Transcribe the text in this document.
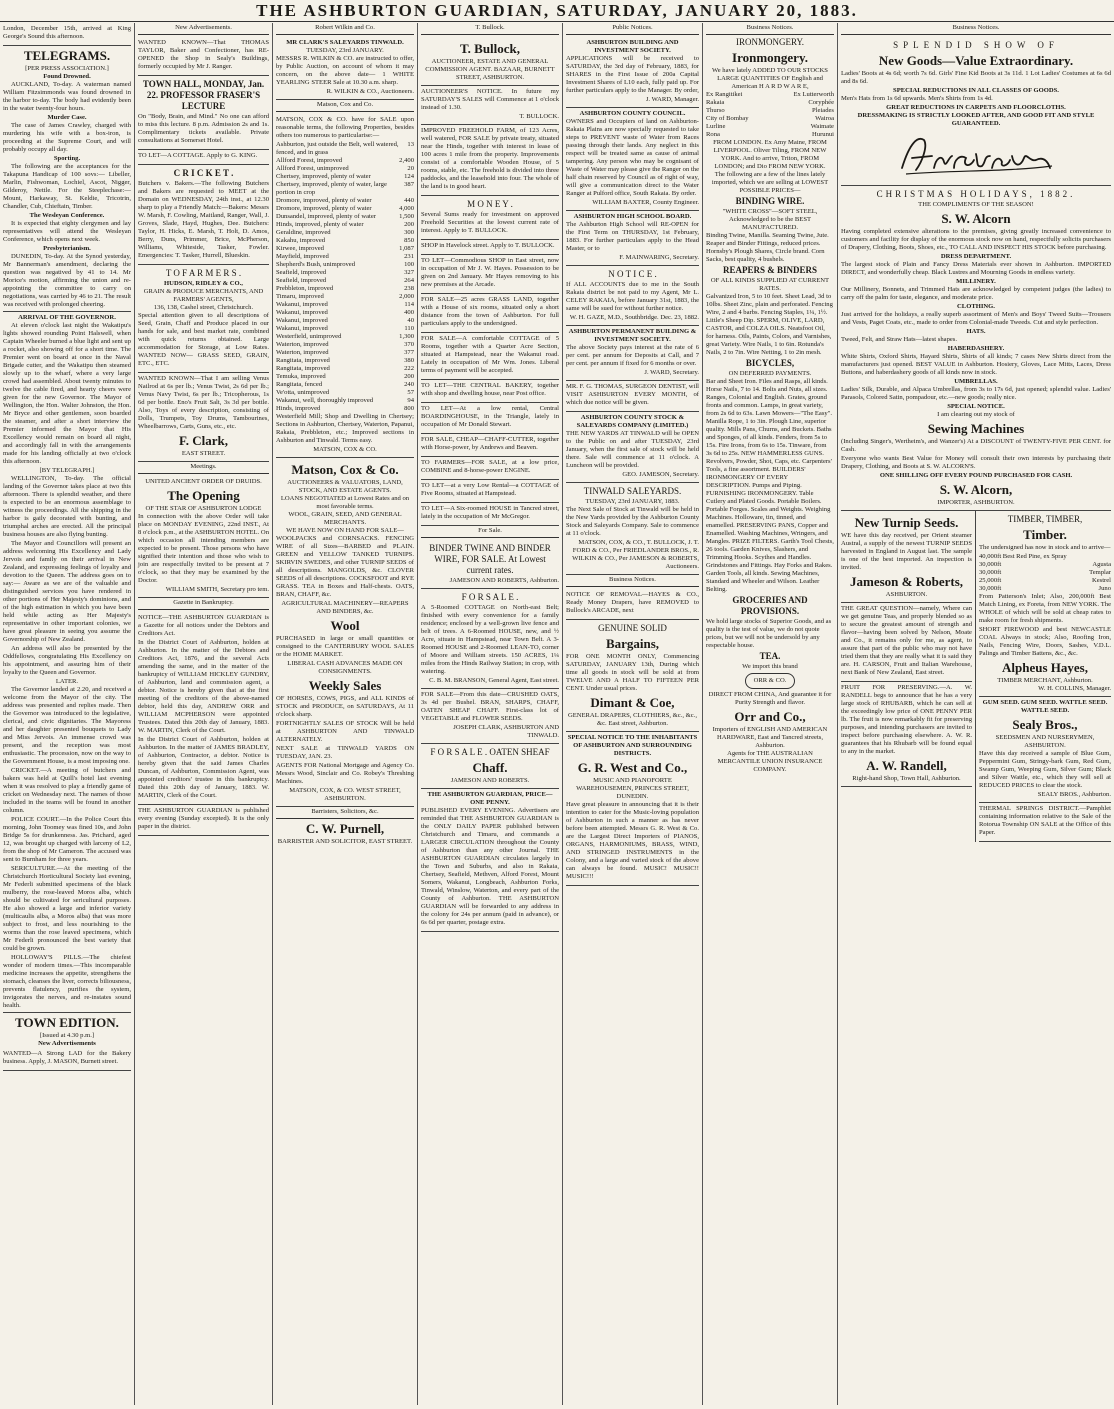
THE ASHBURTON GUARDIAN, SATURDAY, JANUARY 20, 1883.

London, December 15th, arrived at King George's Sound this afternoon.

TELEGRAMS.
[PER PRESS ASSOCIATION.]
Found Drowned.

AUCKLAND, To-day. A waterman named William Fitzsimmonds was found drowned in the harbor to-day. The body had evidently been in the water twenty-four hours.

Murder Case.

The case of James Crawley, charged with murdering his wife with a box-iron, is proceeding at the Supreme Court, and will probably occupy all day.

Sporting.

The following are the acceptances for the Takapuna Handicap of 100 sovs:— Libeller, Marlin, Fishwoman, Lochiel, Ascot, Nigger, Gilderoy, Nettle. For the Steeplechase:— Mount, Harkaway, St. Keldie, Tricotrin, Chandler, Cub, Chieftain, Timber.

The Wesleyan Conference.

It is expected that eighty clergymen and lay representatives will attend the Wesleyan Conference, which opens next week.

Presbyterianism.

DUNEDIN, To-day. At the Synod yesterday, Mr Bannerman's amendment, declaring the question was negatived by 41 to 14. Mr Morice's motion, affirming the union and re-appointing the committee to carry on negotiations, was carried by 46 to 21. The result was received with prolonged cheering.

ARRIVAL OF THE GOVERNOR.

At eleven o'clock last night the Wakatipu's lights showed rounding Point Halswell, when Captain Wheeler burned a blue light and sent up a rocket, also showing off for a short time. The Premier went on board at once in the Naval Brigade cutter, and the Wakatipu then steamed slowly up to the wharf, where a very large crowd had assembled. About twenty minutes to twelve the cable fired, and hearty cheers were given for the new Governor. The Mayor of Wellington, the Hon. Walter Johnston, the Hon. Mr Bryce and other gentlemen, soon boarded the steamer, and after a short interview the Premier informed the Mayor that His Excellency would remain on board all night, and accordingly fall in with the arrangements made for his landing officially at two o'clock this afternoon.

[BY TELEGRAPH.]

WELLINGTON, To-day. The official landing of the Governor takes place at two this afternoon. There is splendid weather, and there is expected to be an enormous assemblage to witness the proceedings. All the shipping in the harbor is gaily decorated with bunting, and triumphal arches are erected. All the principal business houses are also flying bunting.

The Mayor and Councillors will present an address welcoming His Excellency and Lady Jervois and family on their arrival in New Zealand, and expressing feelings of loyalty and devotion to the Queen. The address goes on to say:— Aware as we are of the valuable and distinguished services you have rendered in other portions of Her Majesty's dominions, and of the high estimation in which you have been held while acting as Her Majesty's representative in other important colonies, we have great pleasure in seeing you assume the Governorship of New Zealand.

An address will also be presented by the Oddfellows, congratulating His Excellency on his appointment, and assuring him of their loyalty to the Queen and Governor.

LATER.

The Governor landed at 2.20, and received a welcome from the Mayor of the city. The address was presented and replies made. Then the Governor was introduced to the legislative, clerical, and civic dignitaries. The Mayoress and her daughter presented bouquets to Lady and Miss Jervois. An immense crowd was present, and the reception was most enthusiastic. The procession, now on the way to the Government House, is a most imposing one.

CRICKET.—A meeting of butchers and bakers was held at Quill's hotel last evening when it was resolved to play a friendly game of cricket on Wednesday next. The names of those included in the teams will be found in another column.

POLICE COURT.—In the Police Court this morning, John Toomey was fined 10s, and John Bridge 5s for drunkenness. Jas. Prichard, aged 12, was brought up charged with larceny of L2, from the shop of Mr Cameron. The accused was sent to Burnham for three years.

SERICULTURE.—At the meeting of the Christchurch Horticultural Society last evening, Mr Federli submitted specimens of the black mulberry, the rose-leaved Moros alba, which should be cultivated for sericultural purposes. He also showed a large and inferior variety (multicaulis alba, a Moros alba) that was more subject to frost, and less nourishing to the worms than the rose leaved specimens, which Mr Federli pronounced the best variety that could be grown.

HOLLOWAY'S PILLS.—The chiefest wonder of modern times.—This incomparable medicine increases the appetite, strengthens the stomach, cleanses the liver, corrects biliousness, prevents flatulency, purifies the system, invigorates the nerves, and re-instates sound health.

TOWN EDITION.
[Issued at 4.30 p.m.]
New Advertisements

WANTED—A Strong LAD for the Bakery business. Apply, J. MASON, Burnett street.

New Advertisements.

WANTED KNOWN—That THOMAS TAYLOR, Baker and Confectioner, has RE-OPENED the Shop in Sealy's Buildings, formerly occupied by Mr J. Ranger.

TOWN HALL, MONDAY, Jan. 22. PROFESSOR FRASER'S LECTURE

On "Body, Brain, and Mind." No one can afford to miss this lecture. 8 p.m. Admission 2s and 1s. Complimentary tickets available. Private consultations at Somerset Hotel.

TO LET—A COTTAGE. Apply to G. KING.

C R I C K E T .

Butchers v. Bakers.—The following Butchers and Bakers are requested to MEET at the Domain on WEDNESDAY, 24th inst., at 12.30 sharp to play a Friendly Match:—Bakers: Messrs W. Marsh, F. Cowling, Maitland, Ranger, Wall, J. Groves, Slade, Hayd, Hughes, Dee. Butchers: Taylor, H. Hicks, E. Marsh, T. Holt, D. Amos, Berry, Duns, Primmer, Brice, McPherson, Williams, Whiteside, Tasker, Fowler. Emergencies: T. Tasker, Hurrell, Blueskin.

T O F A R M E R S .
HUDSON, RIDLEY & CO.,
GRAIN & PRODUCE MERCHANTS, AND FARMERS' AGENTS,
136, 138, Cashel street, Christchurch.

Special attention given to all descriptions of Seed, Grain, Chaff and Produce placed in our hands for sale, and best market rate, combined with quick returns obtained. Large accommodation for Storage, at Low Rates. WANTED NOW— GRASS SEED, GRAIN, ETC., ETC.

WANTED KNOWN—That I am selling Venus Nailrod at 6s per lb.; Venus Twist, 2s 6d per lb.; Venus Navy Twist, 6s per lb.; Tricopherous, 1s 6d per bottle. Eno's Fruit Salt, 3s 3d per bottle. Also, Toys of every description, consisting of Dolls, Trumpets, Toy Drums, Tambourines, Wheelbarrows, Carts, Guns, etc., etc.

F. Clark,
EAST STREET.
Meetings.
UNITED ANCIENT ORDER OF DRUIDS.
The Opening
OF THE STAR OF ASHBURTON LODGE

In connection with the above Order will take place on MONDAY EVENING, 22nd INST., At 8 o'clock p.m., at the ASHBURTON HOTEL. On which occasion all intending members are expected to be present. Those persons who have signified their intention and those who wish to join are respectfully invited to be present at 7 o'clock, so that they may be examined by the Doctor.

WILLIAM SMITH, Secretary pro tem.
Gazette in Bankruptcy.

NOTICE—THE ASHBURTON GUARDIAN is a Gazette for all notices under the Debtors and Creditors Act.

In the District Court of Ashburton, holden at Ashburton. In the matter of the Debtors and Creditors Act, 1876, and the several Acts amending the same, and in the matter of the bankruptcy of WILLIAM HICKLEY GUNDRY, of Ashburton, land and commission agent, a debtor. Notice is hereby given that at the first meeting of the creditors of the above-named debtor, held this day, ANDREW ORR and WILLIAM MCPHERSON were appointed Trustees. Dated this 20th day of January, 1883. W. MARTIN, Clerk of the Court.

In the District Court of Ashburton, holden at Ashburton. In the matter of JAMES BRADLEY, of Ashburton, Contractor, a debtor. Notice is hereby given that the said James Charles Duncan, of Ashburton, Commission Agent, was appointed creditors' trustee in this bankruptcy. Dated this 20th day of January, 1883. W. MARTIN, Clerk of the Court.

THE ASHBURTON GUARDIAN is published every evening (Sunday excepted). It is the only paper in the district.

Robert Wilkin and Co.
MR CLARK'S SALEYARDS TINWALD.
TUESDAY, 23rd JANUARY.

MESSRS R. WILKIN & CO. are instructed to offer, by Public Auction, on account of whom it may concern, on the above date— 1 WHITE YEARLING STEER Sale at 10.30 a.m. sharp.

R. WILKIN & CO., Auctioneers.
Matson, Cox and Co.

MATSON, COX & CO. have for SALE upon reasonable terms, the following Properties, besides others too numerous to particularise:—

Ashburton, just outside the Belt, well watered, fenced, and in grass
13
Allford Forest, improved	2,400
Allford Forest, unimproved	20
Chertsey, improved, plenty of water	124
Chertsey, improved, plenty of water, large portion in crop
387
Dromore, improved, plenty of water	440
Dromore, improved, plenty of water	4,000
Dunsandel, improved, plenty of water	1,500
Hinds, improved, plenty of water	200
Geraldine, improved	300
Kakahu, improved	850
Kirwee, improved	1,087
Mayfield, improved	231
Shepherd's Bush, unimproved	100
Seafield, improved	327
Seafield, improved	264
Prebbleton, improved	238
Timaru, improved	2,000
Wakanui, improved	114
Wakanui, improved	400
Wakanui, improved	40
Wakanui, improved	110
Westerfield, unimproved	1,300
Waterton, improved	370
Waterton, improved	377
Rangitata, improved	380
Rangitata, improved	222
Temuka, improved	200
Rangitata, fenced	240
Ve'otta, unimproved	57
Wakanui, well, thoroughly improved	94
Hinds, improved	800

Westerfield Mill; Shop and Dwelling in Chertsey; Sections in Ashburton, Chertsey, Waterton, Papanui, Rakaia, Prebbleton, etc.; Improved sections in Ashburton and Tinwald. Terms easy.

MATSON, COX & CO.
Matson, Cox & Co.
AUCTIONEERS & VALUATORS, LAND, STOCK, AND ESTATE AGENTS.
LOANS NEGOTIATED at Lowest Rates and on most favorable terms.
WOOL, GRAIN, SEED, AND GENERAL MERCHANTS.
WE HAVE NOW ON HAND FOR SALE—

WOOLPACKS and CORNSACKS. FENCING WIRE of all Sizes—BARBED and PLAIN. GREEN and YELLOW TANKED TURNIPS. SKIRVIN SWEDES, and other TURNIP SEEDS of all descriptions. MANGOLDS, &c. CLOVER SEEDS of all descriptions. COCKSFOOT and RYE GRASS. TEA in Boxes and Half-chests. OATS, BRAN, CHAFF, &c.

AGRICULTURAL MACHINERY—REAPERS AND BINDERS, &c.
Wool

PURCHASED in large or small quantities or consigned to the CANTERBURY WOOL SALES or the HOME MARKET.

LIBERAL CASH ADVANCES MADE ON CONSIGNMENTS.
Weekly Sales

OF HORSES, COWS, PIGS, and ALL KINDS of STOCK and PRODUCE, on SATURDAYS, At 11 o'clock sharp.

FORTNIGHTLY SALES OF STOCK Will be held at ASHBURTON AND TINWALD ALTERNATELY.

NEXT SALE at TINWALD YARDS ON TUESDAY, JAN. 23.

AGENTS FOR National Mortgage and Agency Co. Messrs Wood, Sinclair and Co. Robey's Threshing Machines.

MATSON, COX, & CO. WEST STREET, ASHBURTON.
Barristers, Solicitors, &c.
C. W. Purnell,
BARRISTER AND SOLICITOR, EAST STREET.
T. Bullock.
T. Bullock,
AUCTIONEER, ESTATE AND GENERAL COMMISSION AGENT. BAZAAR, BURNETT STREET, ASHBURTON.

AUCTIONEER'S NOTICE. In future my SATURDAY'S SALES will Commence at 1 o'clock instead of 1.30.

T. BULLOCK.

IMPROVED FREEHOLD FARM, of 123 Acres, well watered, FOR SALE by private treaty, situated near the Hinds, together with interest in lease of 100 acres 1 mile from the property. Improvements consist of a comfortable Wooden House, of 5 rooms, stable, etc. The freehold is divided into three paddocks, and the leasehold into four. The whole of the land is in good heart.

M O N E Y .

Several Sums ready for investment on approved Freehold Securities at the lowest current rate of interest. Apply to T. BULLOCK.

SHOP in Havelock street. Apply to T. BULLOCK.

TO LET—Commodious SHOP in East street, now in occupation of Mr J. W. Hayes. Possession to be given on 2nd January. Mr Hayes removing to his new premises at the Arcade.

FOR SALE—25 acres GRASS LAND, together with a House of six rooms, situated only a short distance from the town of Ashburton. For full particulars apply to the undersigned.

FOR SALE—A comfortable COTTAGE of 5 Rooms, together with a Quarter Acre Section, situated at Hampstead, near the Wakanui road. Lately in occupation of Mr Wm. Jones. Liberal terms of payment will be accepted.

TO LET—THE CENTRAL BAKERY, together with shop and dwelling house, near Post office.

TO LET—At a low rental, Central BOARDINGHOUSE, in the Triangle, lately in occupation of Mr Donald Stewart.

FOR SALE, CHEAP—CHAFF-CUTTER, together with Horse-power, by Andrews and Beaven.

TO FARMERS—FOR SALE, at a low price, COMBINE and 8-horse-power ENGINE.

TO LET—at a very Low Rental—a COTTAGE of Five Rooms, situated at Hampstead.

TO LET—A Six-roomed HOUSE in Tancred street, lately in the occupation of Mr McGregor.

For Sale.
BINDER TWINE AND BINDER WIRE, FOR SALE. At Lowest current rates.
JAMESON AND ROBERTS, Ashburton.
F O R S A L E .

A 5-Roomed COTTAGE on North-east Belt; finished with every convenience for a family residence; enclosed by a well-grown live fence and belt of trees. A 6-Roomed HOUSE, new, and ½ Acre, situate in Hampstead, near Town Belt. A 3-Roomed HOUSE and 2-Roomed LEAN-TO, corner of Moore and William streets. 150 ACRES, 1¼ miles from the Hinds Railway Station; in crop, with watering.

C. B. M. BRANSON, General Agent, East street.

FOR SALE—From this date—CRUSHED OATS, 3s 4d per Bushel. BRAN, SHARPS, CHAFF, OATEN SHEAF CHAFF. First-class lot of VEGETABLE and FLOWER SEEDS.

JOSEPH CLARK, ASHBURTON AND TINWALD.
F O R S A L E . OATEN SHEAF
Chaff.
JAMESON AND ROBERTS.
THE ASHBURTON GUARDIAN, PRICE—ONE PENNY.

PUBLISHED EVERY EVENING. Advertisers are reminded that THE ASHBURTON GUARDIAN is the ONLY DAILY PAPER published between Christchurch and Timaru, and commands a LARGER CIRCULATION throughout the County of Ashburton than any other Journal. THE ASHBURTON GUARDIAN circulates largely in the Town and Suburbs, and also in Rakaia, Chertsey, Seafield, Methven, Alford Forest, Mount Somers, Wakanui, Longbeach, Ashburton Forks, Tinwald, Winslow, Waterton, and every part of the County of Ashburton. THE ASHBURTON GUARDIAN will be forwarded to any address in the colony for 24s per annum (paid in advance), or 6s 6d per quarter, postage extra.

Public Notices.
ASHBURTON BUILDING AND INVESTMENT SOCIETY.

APPLICATIONS will be received to SATURDAY, the 3rd day of February, 1883, for SHARES in the First Issue of 200a Capital Investment Shares of L10 each, fully paid up. For further particulars apply to the Manager. By order,

J. WARD, Manager.
ASHBURTON COUNTY COUNCIL.

OWNERS and Occupiers of land on Ashburton-Rakaia Plains are now specially requested to take steps to PREVENT waste of Water from Races passing through their lands. Any neglect in this respect will be treated same as cause of animal tampering. Any person who may be cognisant of Waste of Water may please give the Ranger on the half chain reserved by Council as of right of way, will give a communication direct to the Water Ranger at Pulford office, South Rakaia. By order.

WILLIAM BAXTER, County Engineer.
ASHBURTON HIGH SCHOOL BOARD.

The Ashburton High School will RE-OPEN for the First Term on THURSDAY, 1st February, 1883. For further particulars apply to the Head Master, or to

F. MAINWARING, Secretary.
N O T I C E .

If ALL ACCOUNTS due to me in the South Rakaia district be not paid to my Agent, Mr L. CELEY RAKAIA, before January 31st, 1883, the same will be sued for without further notice.

W. H. GAZE, M.D., Southbridge. Dec. 23, 1882.
ASHBURTON PERMANENT BUILDING & INVESTMENT SOCIETY.

The above Society pays interest at the rate of 6 per cent. per annum for Deposits at Call, and 7 per cent. per annum if fixed for 6 months or over.

J. WARD, Secretary.

MR. F. G. THOMAS, SURGEON DENTIST, will VISIT ASHBURTON EVERY MONTH, of which due notice will be given.

ASHBURTON COUNTY STOCK & SALEYARDS COMPANY (LIMITED.)

THE NEW YARDS AT TINWALD will be OPEN to the Public on and after TUESDAY, 23rd January, when the first sale of stock will be held there. Sale will commence at 11 o'clock. A Luncheon will be provided.

GEO. JAMESON, Secretary.
TINWALD SALEYARDS.
TUESDAY, 23rd JANUARY, 1883.

The Next Sale of Stock at Tinwald will be held in the New Yards provided by the Ashburton County Stock and Saleyards Company. Sale to commence at 11 o'clock.

MATSON, COX, & CO., T. BULLOCK, J. T. FORD & CO., Per FRIEDLANDER BROS., R. WILKIN & CO., Per JAMESON & ROBERTS, Auctioneers.
Business Notices.

NOTICE OF REMOVAL—HAYES & CO., Ready Money Drapers, have REMOVED to Bullock's ARCADE, next

GENUINE SOLID
Bargains,

FOR ONE MONTH ONLY, Commencing SATURDAY, JANUARY 13th, During which time all goods in stock will be sold at from TWELVE AND A HALF TO FIFTEEN PER CENT. Under usual prices.

Dimant & Coe,
GENERAL DRAPERS, CLOTHIERS, &c., &c., &c. East street, Ashburton.
SPECIAL NOTICE TO THE INHABITANTS OF ASHBURTON AND SURROUNDING DISTRICTS.
G. R. West and Co.,
MUSIC AND PIANOFORTE WAREHOUSEMEN, PRINCES STREET, DUNEDIN.

Have great pleasure in announcing that it is their intention to cater for the Music-loving population of Ashburton in such a manner as has never before been attempted. Messrs G. R. West & Co. are the Largest Direct Importers of PIANOS, ORGANS, HARMONIUMS, BRASS, WIND, AND STRINGED INSTRUMENTS in the Colony, and a large and varied stock of the above can always be found. MUSIC! MUSIC!! MUSIC!!!

Business Notices.
IRONMONGERY.
Ironmongery.
We have lately ADDED TO OUR STOCKS LARGE QUANTITIES OF English and American H A R D W A R E,
Ex Rangitikei	Ex Lutterworth
Rakaia	Coryphée
Thurso	Pleiades
City of Bombay	Wairoa
Lurline	Waimate
Rona	Hurunui

FROM LONDON. Ex Amy Maine, FROM LIVERPOOL. Oliver Tiling, FROM NEW YORK. And to arrive, Triton, FROM LONDON; and Dio FROM NEW YORK.

The following are a few of the lines lately imported, which we are selling at LOWEST POSSIBLE PRICES—

BINDING WIRE.

"WHITE CROSS"—SOFT STEEL, Acknowledged to be the BEST MANUFACTURED.

Binding Twine, Manilla. Seaming Twine, Jute. Reaper and Binder Fittings, reduced prices. Hornsby's Plough Shares, Circle brand. Corn Sacks, best quality, 4 bushels.

REAPERS & BINDERS
OF ALL KINDS SUPPLIED AT CURRENT RATES.

Galvanized Iron, 5 to 10 feet. Sheet Lead, 3d to 10lbs. Sheet Zinc, plain and perforated. Fencing Wire, 2 and 4 barbs. Fencing Staples, 1¼, 1½. Little's Sheep Dip. SPERM, OLIVE, LARD, CASTOR, and COLZA OILS. Neatsfoot Oil, for harness. Oils, Paints, Colors, and Varnishes, great Variety. Wire Nails, 1 to 6in. Rotunda's Nails, 2 to 7in. Wire Netting, 1 to 2in mesh.

BICYCLES,
ON DEFERRED PAYMENTS.

Bar and Sheet Iron. Files and Rasps, all kinds. Horse Nails, 7 to 14. Bolts and Nuts, all sizes. Ranges, Colonial and English. Grates, ground fronts and common. Lamps, in great variety, from 2s 6d to 63s. Lawn Mowers—"The Easy". Manilla Rope, 1 to 3in. Plough Line, superior quality. Mills Pans, Churns, and Buckets. Baths and Sponges, of all kinds. Fenders, from 5s to 15s. Fire Irons, from 6s to 15s. Tinware, from 3s 6d to 25s. NEW HAMMERLESS GUNS. Revolvers, Powder, Shot, Caps, etc. Carpenters' Tools, a fine assortment. BUILDERS' IRONMONGERY OF EVERY DESCRIPTION. Pumps and Piping. FURNISHING IRONMONGERY. Table Cutlery and Plated Goods. Portable Boilers. Portable Forges. Scales and Weights. Weighing Machines. Holloware, tin, tinned, and enamelled. PRESERVING PANS, Copper and Enamelled. Washing Machines, Wringers, and Mangles. PRIZE FILTERS. Garth's Tool Chests, 26 tools. Garden Knives, Slashers, and Trimming Hooks. Scythes and Handles. Grindstones and Fittings. Hay Forks and Rakes. Garden Tools, all kinds. Sewing Machines, Standard and Wheeler and Wilson. Leather Belting.

GROCERIES AND PROVISIONS.

We hold large stocks of Superior Goods, and as quality is the test of value, we do not quote prices, but we will not be undersold by any respectable house.

TEA.
We import this brand
ORR & CO.

DIRECT FROM CHINA, And guarantee it for Purity Strength and flavor.

Orr and Co.,

Importers of ENGLISH AND AMERICAN HARDWARE, East and Tancred streets, Ashburton.

Agents for THE AUSTRALIAN MERCANTILE UNION INSURANCE COMPANY.

Business Notices.
SPLENDID SHOW OF
New Goods—Value Extraordinary.

Ladies' Boots at 4s 6d; worth 7s 6d. Girls' Fine Kid Boots at 3s 11d. 1 Lot Ladies' Costumes at 6s 6d and 8s 6d.

SPECIAL REDUCTIONS IN ALL CLASSES OF GOODS.

Men's Hats from 1s 6d upwards. Men's Shirts from 1s 4d.

GREAT REDUCTIONS IN CARPETS AND FLOORCLOTHS.
DRESSMAKING IS STRICTLY LOOKED AFTER, AND GOOD FIT AND STYLE GUARANTEED.
CHRISTMAS HOLIDAYS, 1882.
THE COMPLIMENTS OF THE SEASON!
S. W. Alcorn

Having completed extensive alterations to the premises, giving greatly increased convenience to customers and facility for display of the enormous stock now on hand, respectfully solicits purchasers of Drapery, Clothing, Boots, Shoes, etc., TO CALL AND INSPECT HIS STOCK before purchasing.

DRESS DEPARTMENT.

The largest stock of Plain and Fancy Dress Materials ever shown in Ashburton. IMPORTED DIRECT, and wonderfully cheap. Black Lustres and Mourning Goods in endless variety.

MILLINERY.

Our Millinery, Bonnets, and Trimmed Hats are acknowledged by competent judges (the ladies) to carry off the palm for taste, elegance, and moderate price.

CLOTHING.

Just arrived for the holidays, a really superb assortment of Men's and Boys' Tweed Suits—Trousers and Vests, Paget Coats, etc., made to order from Colonial-made Tweeds. Cut and style perfection.

HATS.

Tweed, Felt, and Straw Hats—latest shapes.

HABERDASHERY.

White Shirts, Oxford Shirts, Hayard Shirts, Shirts of all kinds; 7 cases New Shirts direct from the manufacturers just opened. BEST VALUE in Ashburton. Hosiery, Gloves, Lace Mitts, Laces, Dress Buttons, and haberdashery goods of all kinds now in stock.

UMBRELLAS.

Ladies' Silk, Durable, and Alpaca Umbrellas, from 3s to 17s 6d, just opened; splendid value. Ladies' Parasols, Colored Satin, pompadour, etc.—new goods; really nice.

SPECIAL NOTICE.
I am clearing out my stock of
Sewing Machines

(Including Singer's, Wertheim's, and Wanzer's) At a DISCOUNT of TWENTY-FIVE PER CENT. for Cash.

Everyone who wants Best Value for Money will consult their own interests by purchasing their Drapery, Clothing, and Boots at S. W. ALCORN'S.

ONE SHILLING OFF EVERY POUND PURCHASED FOR CASH.
S. W. Alcorn,
IMPORTER, ASHBURTON.
New Turnip Seeds.

WE have this day received, per Orient steamer Austral, a supply of the newest TURNIP SEEDS harvested in England in August last. The sample is one of the best imported. An inspection is invited.

Jameson & Roberts,
ASHBURTON.

THE GREAT QUESTION—namely, Where can we get genuine Teas, and properly blended so as to secure the greatest amount of strength and flavor—having been solved by Nelson, Moate and Co., it remains only for me, as agent, to assure that part of the public who may not have tried them that they are really what it is said they are. H. CARSON, Fruit and Italian Warehouse, next Bank of New Zealand, East street.

FRUIT FOR PRESERVING.—A. W. RANDELL begs to announce that he has a very large stock of RHUBARB, which he can sell at the exceedingly low price of ONE PENNY PER lb. The fruit is now remarkably fit for preserving purposes, and intending purchasers are invited to inspect before purchasing elsewhere. A. W. R. guarantees that his Rhubarb will be found equal to any in the market.

A. W. Randell,
Right-hand Shop, Town Hall, Ashburton.
TIMBER, TIMBER,
Timber.

The undersigned has now in stock and to arrive—

40,000ft Best Red Pine, ex Spray
30,000ft	Agusta
30,000ft	Templar
25,000ft	Kestrel
30,000ft	Juno

From Patterson's Inlet; Also, 200,000ft Best Match Lining, ex Foreta, from NEW YORK. The WHOLE of which will be sold at cheap rates to make room for fresh shipments.

SHORT FIREWOOD and best NEWCASTLE COAL Always in stock; Also, Roofing Iron, Nails, Fencing Wire, Doors, Sashes, V.D.L. Palings and Timber Battens, &c., &c.

Alpheus Hayes,
TIMBER MERCHANT, Ashburton.
W. H. COLLINS, Manager.
GUM SEED. GUM SEED. WATTLE SEED. WATTLE SEED.
Sealy Bros.,
SEEDSMEN AND NURSERYMEN, ASHBURTON.

Have this day received a sample of Blue Gum, Peppermint Gum, Stringy-bark Gum, Red Gum, Swamp Gum, Weeping Gum, Silver Gum; Black and Silver Wattle, etc., which they will sell at REDUCED PRICES to clear the stock.

SEALY BROS., Ashburton.

THERMAL SPRINGS DISTRICT.—Pamphlet containing information relative to the Sale of the Rotorua Township ON SALE at the Office of this Paper.
